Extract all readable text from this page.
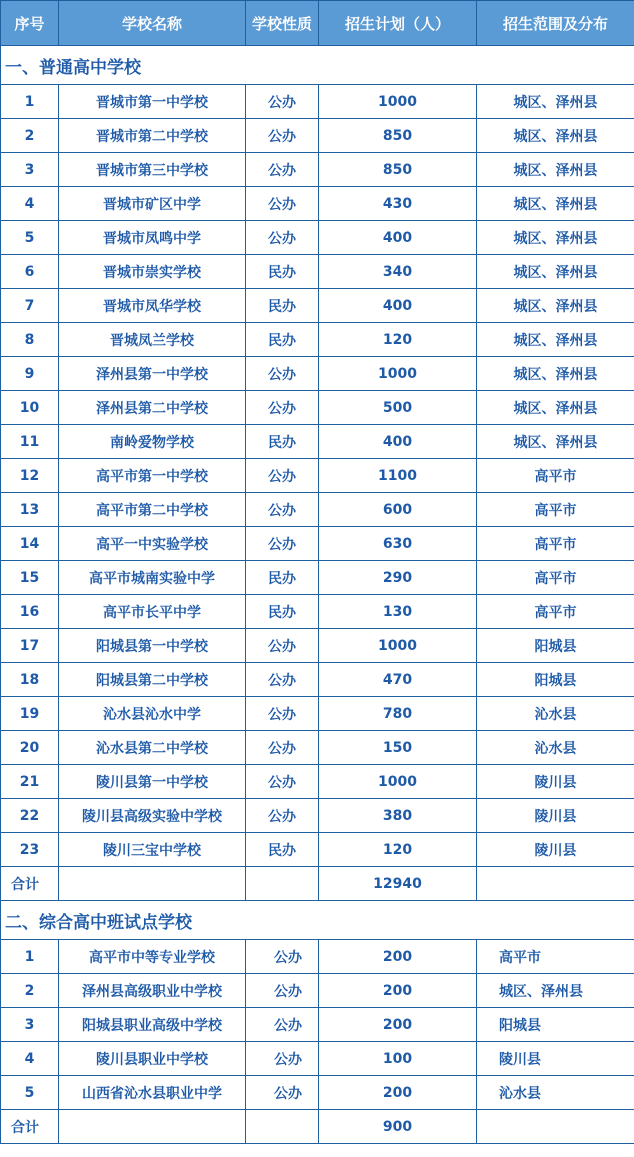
序号	学校名称	学校性质	招生计划（人）	招生范围及分布
一、普通高中学校				
1	晋城市第一中学校	公办	1000	城区、泽州县
2	晋城市第二中学校	公办	850	城区、泽州县
3	晋城市第三中学校	公办	850	城区、泽州县
4	晋城市矿区中学	公办	430	城区、泽州县
5	晋城市凤鸣中学	公办	400	城区、泽州县
6	晋城市崇实学校	民办	340	城区、泽州县
7	晋城市凤华学校	民办	400	城区、泽州县
8	晋城凤兰学校	民办	120	城区、泽州县
9	泽州县第一中学校	公办	1000	城区、泽州县
10	泽州县第二中学校	公办	500	城区、泽州县
11	南岭爱物学校	民办	400	城区、泽州县
12	高平市第一中学校	公办	1100	高平市
13	高平市第二中学校	公办	600	高平市
14	高平一中实验学校	公办	630	高平市
15	高平市城南实验中学	民办	290	高平市
16	高平市长平中学	民办	130	高平市
17	阳城县第一中学校	公办	1000	阳城县
18	阳城县第二中学校	公办	470	阳城县
19	沁水县沁水中学	公办	780	沁水县
20	沁水县第二中学校	公办	150	沁水县
21	陵川县第一中学校	公办	1000	陵川县
22	陵川县高级实验中学校	公办	380	陵川县
23	陵川三宝中学校	民办	120	陵川县
合计			12940	
二、综合高中班试点学校				
1	高平市中等专业学校	公办	200	高平市
2	泽州县高级职业中学校	公办	200	城区、泽州县
3	阳城县职业高级中学校	公办	200	阳城县
4	陵川县职业中学校	公办	100	陵川县
5	山西省沁水县职业中学	公办	200	沁水县
合计			900	
